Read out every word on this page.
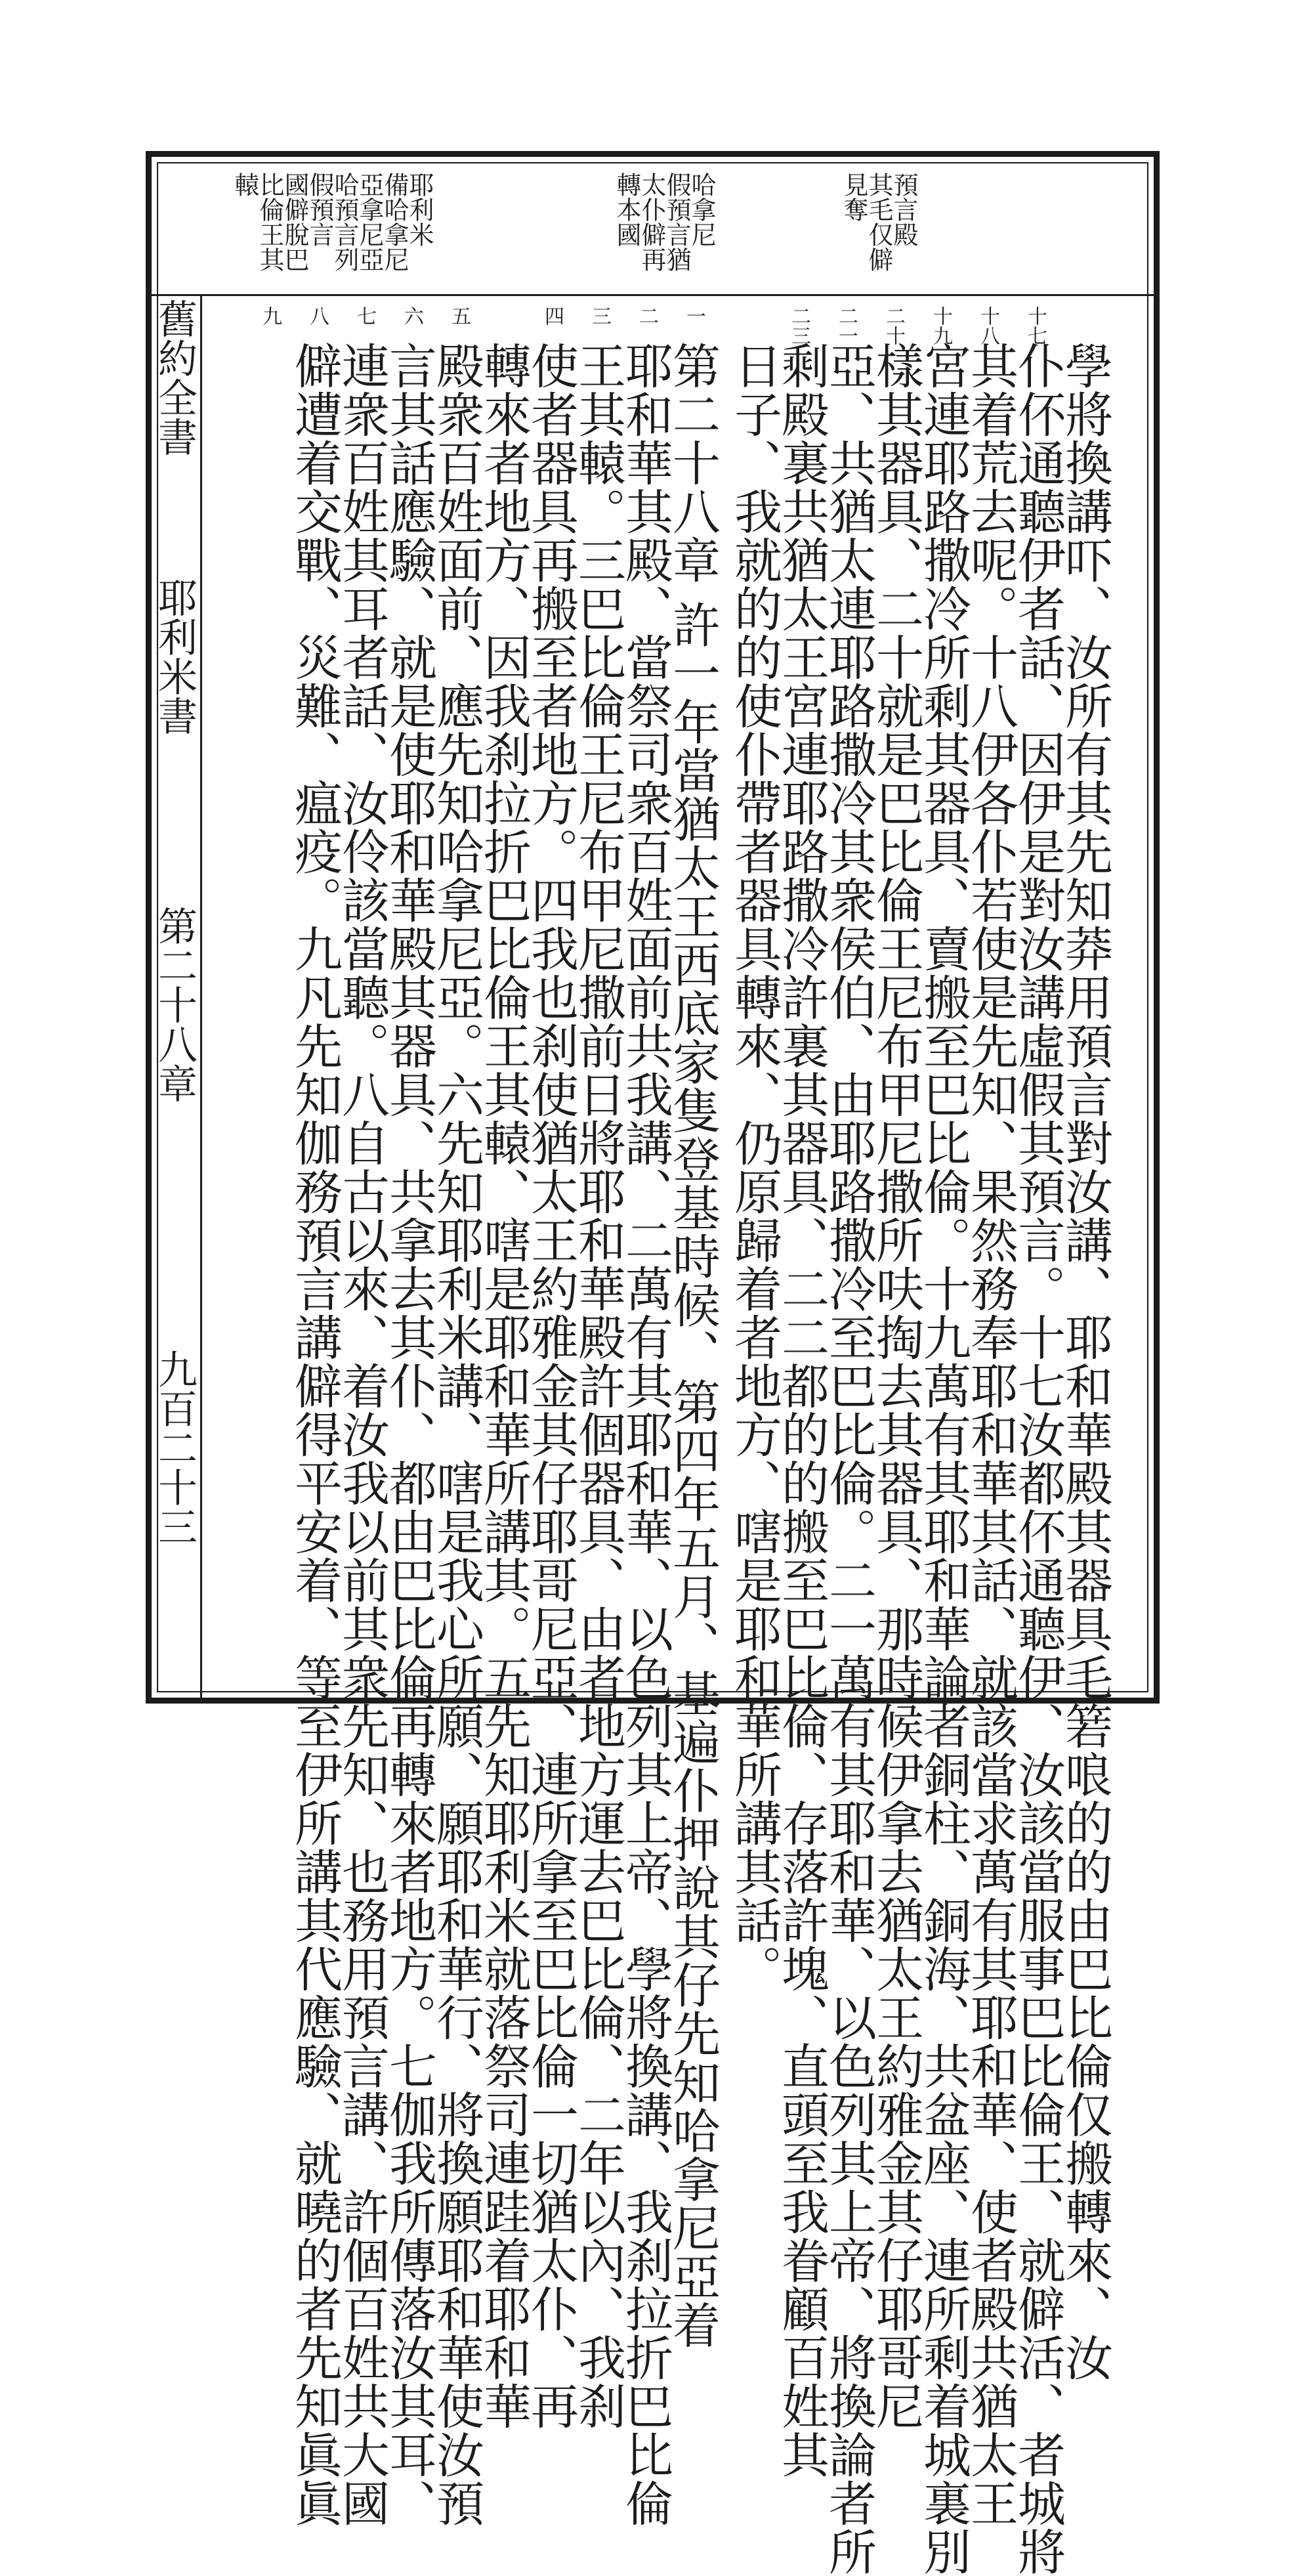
舊約全書
耶利米書
第二十八章
九百二十三
耶利米
備哈拿尼
亞拿尼亞
哈預言列
假預言
國僻脫巴
比倫王其
轅	哈拿尼
假預言猶
太仆僻再
轉本國	預言殿
其毛
見
奪
仅
僻
十七
十八
十九
二十
二一
二三
一
二
三
四
五
六
七
八
九
學將換講吓、汝所有其先知莽用預言對汝講、耶和華殿其器具毛箬哴的的由巴比倫仅搬轉來、汝
仆伓通聽伊者話、因伊是對汝講虛假其預言。十七汝都伓通聽伊、汝該當服事巴比倫王、就僻活、者城將
其着荒去呢。十八伊各仆若使是先知、果然務奉耶和華其話、就該當求萬有其耶和華、使者殿共猶太王
宮連耶路撒冷所剩其器具、賣搬至巴比倫。十九萬有其耶和華論者銅柱、銅海、共盆座、連所剩着城裏別
樣其器具、二十就是巴比倫王尼布甲尼撒所呋掏去其器具、那時候伊拿去猶太王約雅金其仔耶哥尼
亞、共猶太連耶路撒冷其衆侯伯、由耶路撒冷至巴比倫。二一萬有其耶和華、以色列其上帝、將換論者所
剩殿裏共猶太王宮連耶路撒冷許裏其器具、二二都的的搬至巴比倫、存落許塊、直頭至我眷顧百姓其
日子、我就的的使仆帶者器具轉來、仍原歸着者地方、嗐是耶和華所講其話。
第二十八章 許一年當猶太王西底家隻登基時候、第四年五月、基遍仆押說其仔先知哈拿尼亞着
耶和華其殿、當祭司衆百姓面前共我講、二萬有其耶和華、以色列其上帝、學將換講、我刹拉折巴比倫
王其轅。三巴比倫王尼布甲尼撒前日將耶和華殿許個器具、由者地方運去巴比倫、二年以內、我刹
使者器具再搬至者地方。四我也刹使猶太王約雅金其仔耶哥尼亞、連所拿至巴比倫一切猶太仆、再
轉來者地方、因我刹拉折巴比倫王其轅、嗐是耶和華所講其。五先知耶利米就落祭司連跬着耶和華
殿衆百姓面前、應先知哈拿尼亞。六先知耶利米講、嗐是我心所願、願耶和華行、將換願耶和華使汝預
言其話應驗、就是使耶和華殿其器具、共拿去其仆、都由巴比倫再轉來者地方。七伽我所傳落汝其耳、
連衆百姓其耳者話、汝伶該當聽。八自古以來、着汝我以前其衆先知、也務用預言講、許個百姓共大國
僻遭着交戰、災難、瘟疫。九凡先知伽務預言講僻得平安着、等至伊所講其代應驗、就曉的者先知眞眞
